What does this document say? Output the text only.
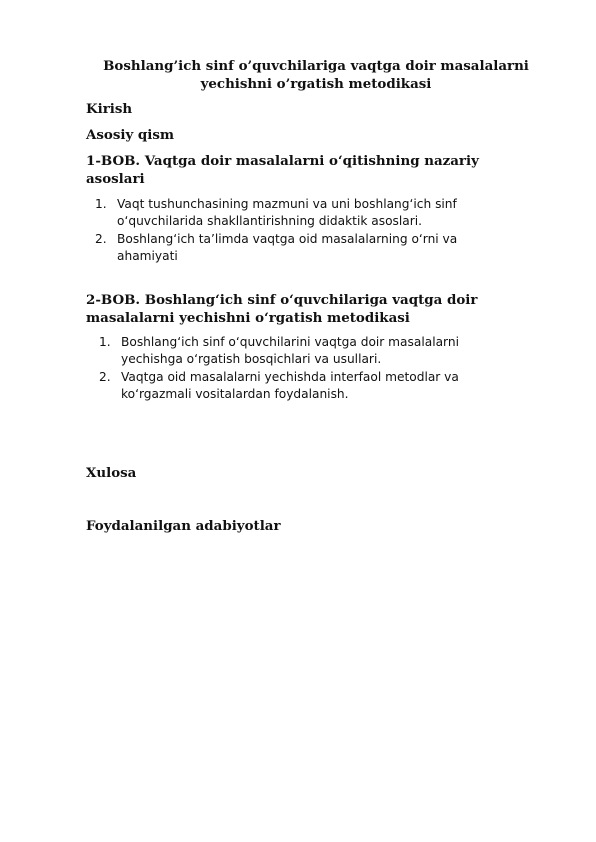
Boshlang’ich sinf o’quvchilariga vaqtga doir masalalarni
yechishni o’rgatish metodikasi
Kirish
Asosiy qism
1-BOB. Vaqtga doir masalalarni o‘qitishning nazariy
asoslari
1. Vaqt tushunchasining mazmuni va uni boshlang‘ich sinf
o‘quvchilarida shakllantirishning didaktik asoslari.
2. Boshlang‘ich ta’limda vaqtga oid masalalarning o‘rni va
ahamiyati
2-BOB. Boshlang‘ich sinf o‘quvchilariga vaqtga doir
masalalarni yechishni o‘rgatish metodikasi
1. Boshlang‘ich sinf o‘quvchilarini vaqtga doir masalalarni
yechishga o‘rgatish bosqichlari va usullari.
2. Vaqtga oid masalalarni yechishda interfaol metodlar va
ko‘rgazmali vositalardan foydalanish.
Xulosa
Foydalanilgan adabiyotlar
